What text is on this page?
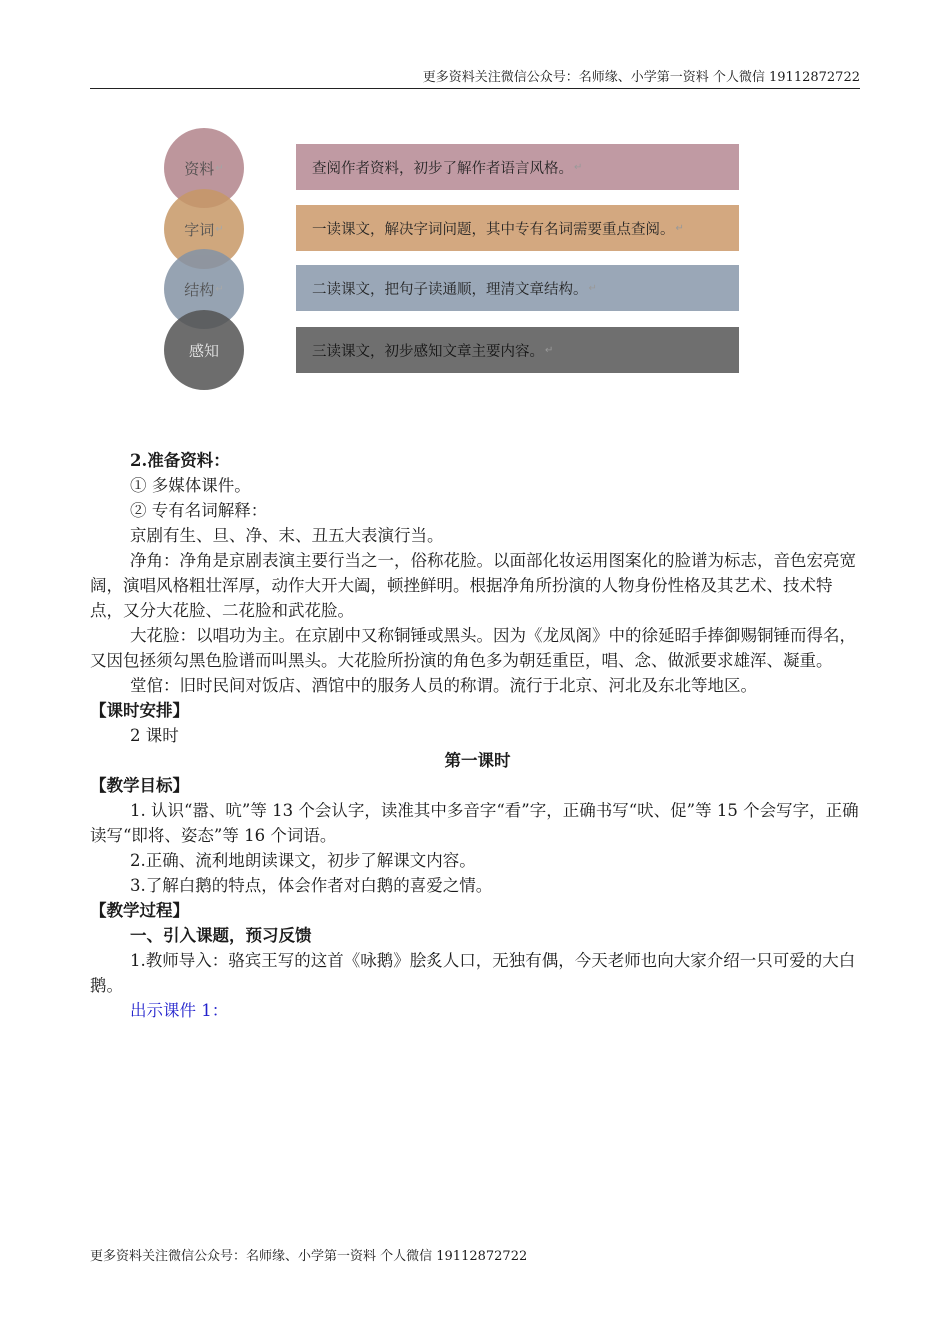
更多资料关注微信公众号：名师缘、小学第一资料 个人微信 19112872722
查阅作者资料，初步了解作者语言风格。 ↵
一读课文，解决字词问题，其中专有名词需要重点查阅。 ↵
二读课文，把句子读通顺，理清文章结构。 ↵
三读课文，初步感知文章主要内容。 ↵
资料 ↵
字词 ↵
结构 ↵
感知

2.准备资料：

① 多媒体课件。

② 专有名词解释：

京剧有生、旦、净、末、丑五大表演行当。

净角：净角是京剧表演主要行当之一，俗称花脸。以面部化妆运用图案化的脸谱为标志，音色宏亮宽阔，演唱风格粗壮浑厚，动作大开大阖，顿挫鲜明。根据净角所扮演的人物身份性格及其艺术、技术特点，又分大花脸、二花脸和武花脸。

大花脸：以唱功为主。在京剧中又称铜锤或黑头。因为《龙凤阁》中的徐延昭手捧御赐铜锤而得名，又因包拯须勾黑色脸谱而叫黑头。大花脸所扮演的角色多为朝廷重臣，唱、念、做派要求雄浑、凝重。

堂倌：旧时民间对饭店、酒馆中的服务人员的称谓。流行于北京、河北及东北等地区。

【课时安排】

2 课时

第一课时

【教学目标】

1. 认识“嚣、吭”等 13 个会认字，读准其中多音字“看”字，正确书写“吠、促”等 15 个会写字，正确读写“即将、姿态”等 16 个词语。

2.正确、流利地朗读课文，初步了解课文内容。

3.了解白鹅的特点，体会作者对白鹅的喜爱之情。

【教学过程】

一、引入课题，预习反馈

1.教师导入：骆宾王写的这首《咏鹅》脍炙人口，无独有偶，今天老师也向大家介绍一只可爱的大白鹅。

出示课件 1：

更多资料关注微信公众号：名师缘、小学第一资料 个人微信 19112872722
